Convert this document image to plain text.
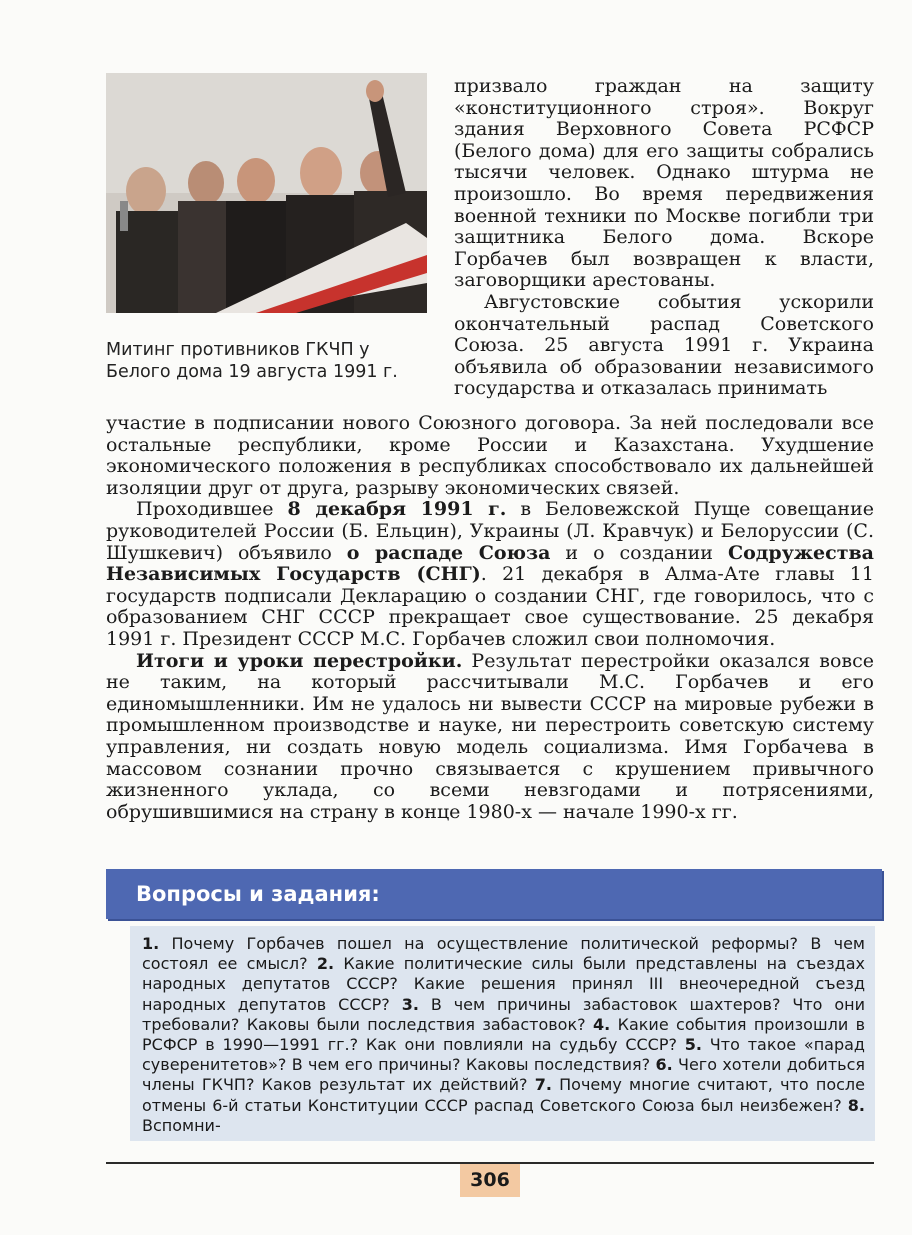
Митинг противников ГКЧП у Белого дома 19 августа 1991 г.

призвало граждан на защиту «конституционного строя». Вокруг здания Верховного Совета РСФСР (Белого дома) для его защиты собрались тысячи человек. Однако штурма не произошло. Во время передвижения военной техники по Москве погибли три защитника Белого дома. Вскоре Горбачев был возвращен к власти, заговорщики арестованы.

Августовские события ускорили окончательный распад Советского Союза. 25 августа 1991 г. Украина объявила об образовании независимого государства и отказалась принимать

участие в подписании нового Союзного договора. За ней последовали все остальные республики, кроме России и Казахстана. Ухудшение экономического положения в республиках способствовало их дальнейшей изоляции друг от друга, разрыву экономических связей.

Проходившее 8 декабря 1991 г. в Беловежской Пуще совещание руководителей России (Б. Ельцин), Украины (Л. Кравчук) и Белоруссии (С. Шушкевич) объявило о распаде Союза и о создании Содружества Независимых Государств (СНГ). 21 декабря в Алма-Ате главы 11 государств подписали Декларацию о создании СНГ, где говорилось, что с образованием СНГ СССР прекращает свое существование. 25 декабря 1991 г. Президент СССР М.С. Горбачев сложил свои полномочия.

Итоги и уроки перестройки. Результат перестройки оказался вовсе не таким, на который рассчитывали М.С. Горбачев и его единомышленники. Им не удалось ни вывести СССР на мировые рубежи в промышленном производстве и науке, ни перестроить советскую систему управления, ни создать новую модель социализма. Имя Горбачева в массовом сознании прочно связывается с крушением привычного жизненного уклада, со всеми невзгодами и потрясениями, обрушившимися на страну в конце 1980-х — начале 1990-х гг.

Вопросы и задания:

1. Почему Горбачев пошел на осуществление политической реформы? В чем состоял ее смысл? 2. Какие политические силы были представлены на съездах народных депутатов СССР? Какие решения принял III внеочередной съезд народных депутатов СССР? 3. В чем причины забастовок шахтеров? Что они требовали? Каковы были последствия забастовок? 4. Какие события произошли в РСФСР в 1990—1991 гг.? Как они повлияли на судьбу СССР? 5. Что такое «парад суверенитетов»? В чем его причины? Каковы последствия? 6. Чего хотели добиться члены ГКЧП? Каков результат их действий? 7. Почему многие считают, что после отмены 6-й статьи Конституции СССР распад Советского Союза был неизбежен? 8. Вспомни-

306
